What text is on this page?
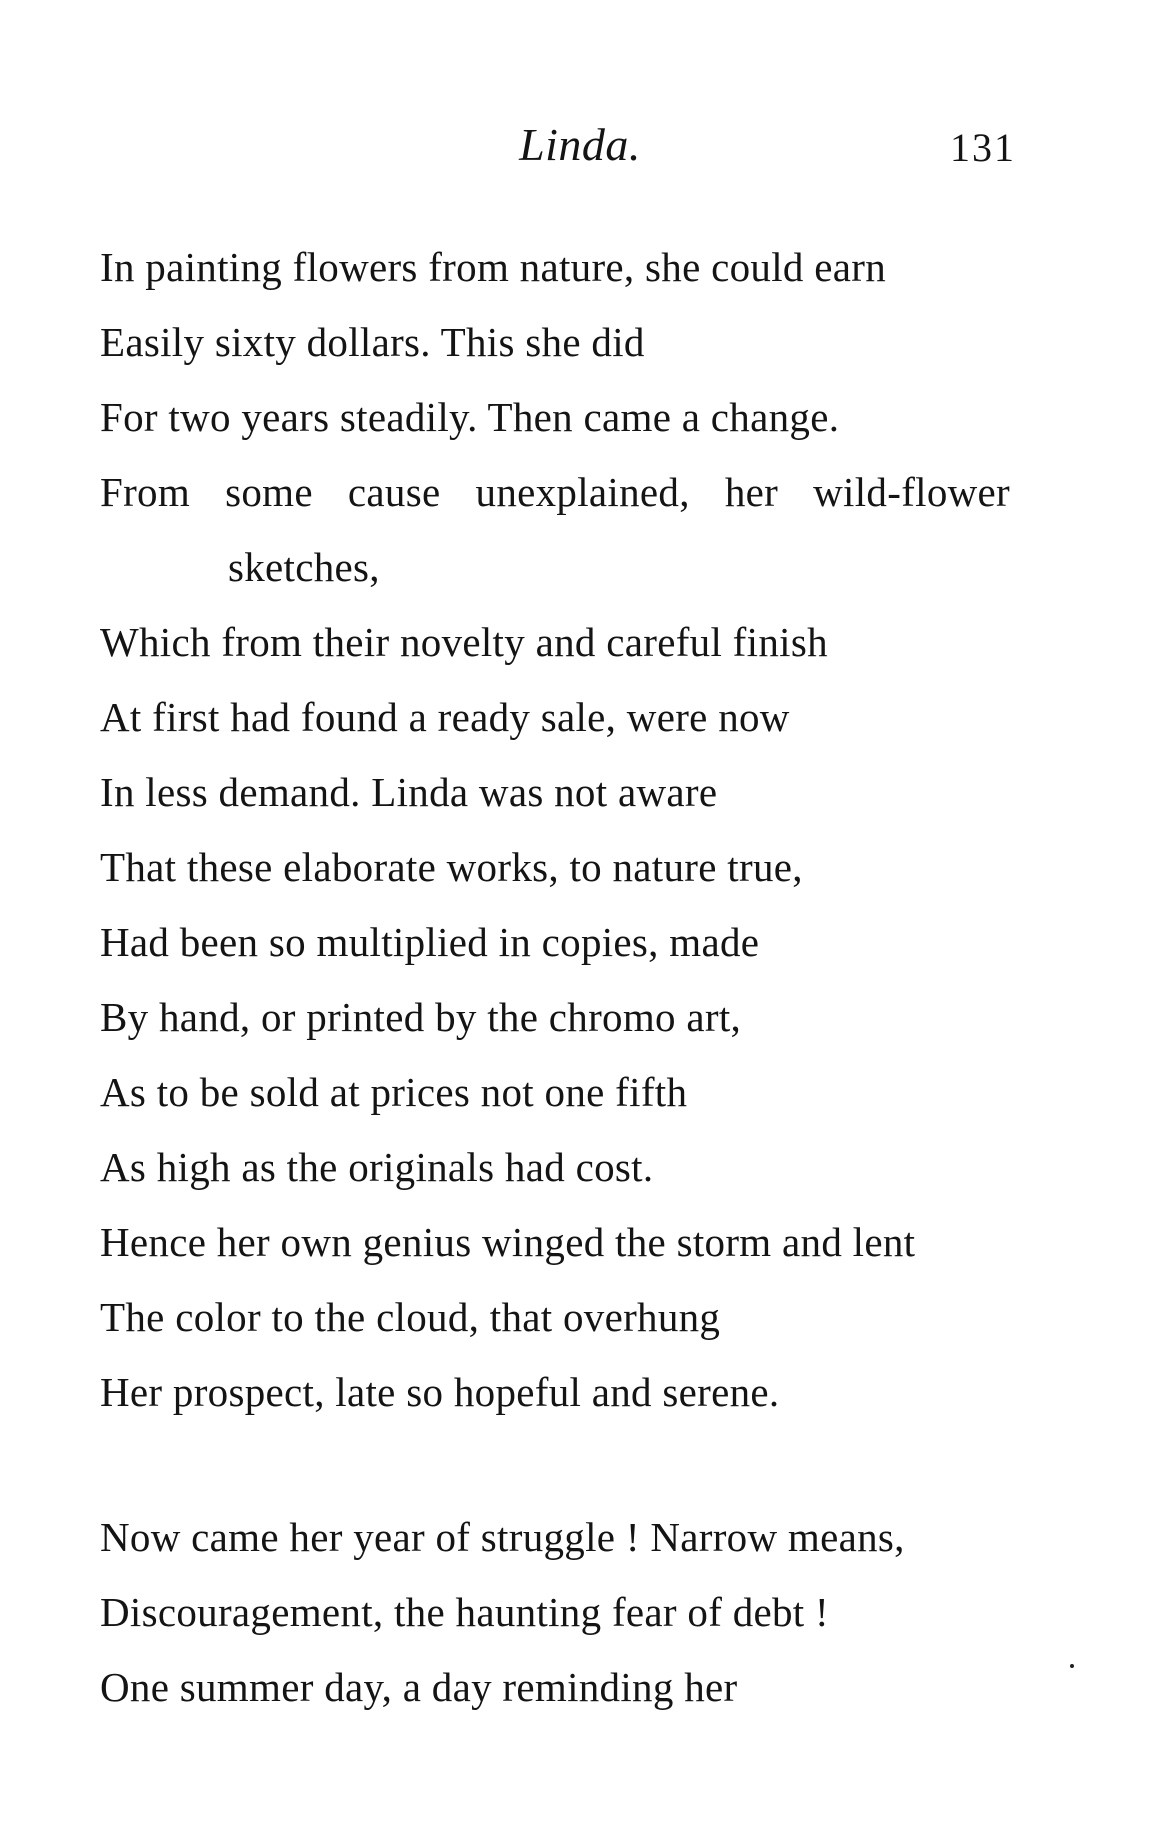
Linda.	131
In painting flowers from nature, she could earn
Easily sixty dollars. This she did
For two years steadily. Then came a change.
From some cause unexplained, her wild-flower
sketches,
Which from their novelty and careful finish
At first had found a ready sale, were now
In less demand. Linda was not aware
That these elaborate works, to nature true,
Had been so multiplied in copies, made
By hand, or printed by the chromo art,
As to be sold at prices not one fifth
As high as the originals had cost.
Hence her own genius winged the storm and lent
The color to the cloud, that overhung
Her prospect, late so hopeful and serene.
Now came her year of struggle ! Narrow means,
Discouragement, the haunting fear of debt !
One summer day, a day reminding her
